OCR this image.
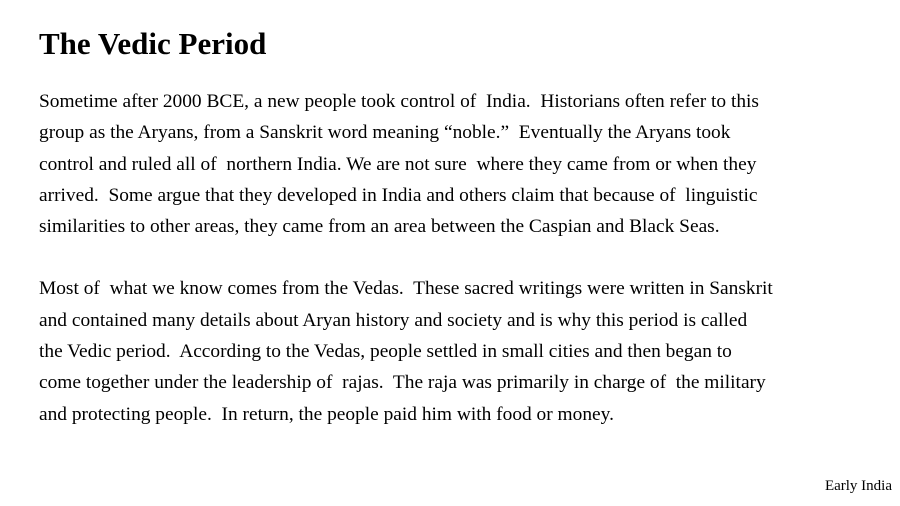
The Vedic Period

Sometime after 2000 BCE, a new people took control of  India.  Historians often refer to this
group as the Aryans, from a Sanskrit word meaning “noble.”  Eventually the Aryans took
control and ruled all of  northern India. We are not sure  where they came from or when they
arrived.  Some argue that they developed in India and others claim that because of  linguistic
similarities to other areas, they came from an area between the Caspian and Black Seas.

Most of  what we know comes from the Vedas.  These sacred writings were written in Sanskrit
and contained many details about Aryan history and society and is why this period is called
the Vedic period.  According to the Vedas, people settled in small cities and then began to
come together under the leadership of  rajas.  The raja was primarily in charge of  the military
and protecting people.  In return, the people paid him with food or money.

Early India
